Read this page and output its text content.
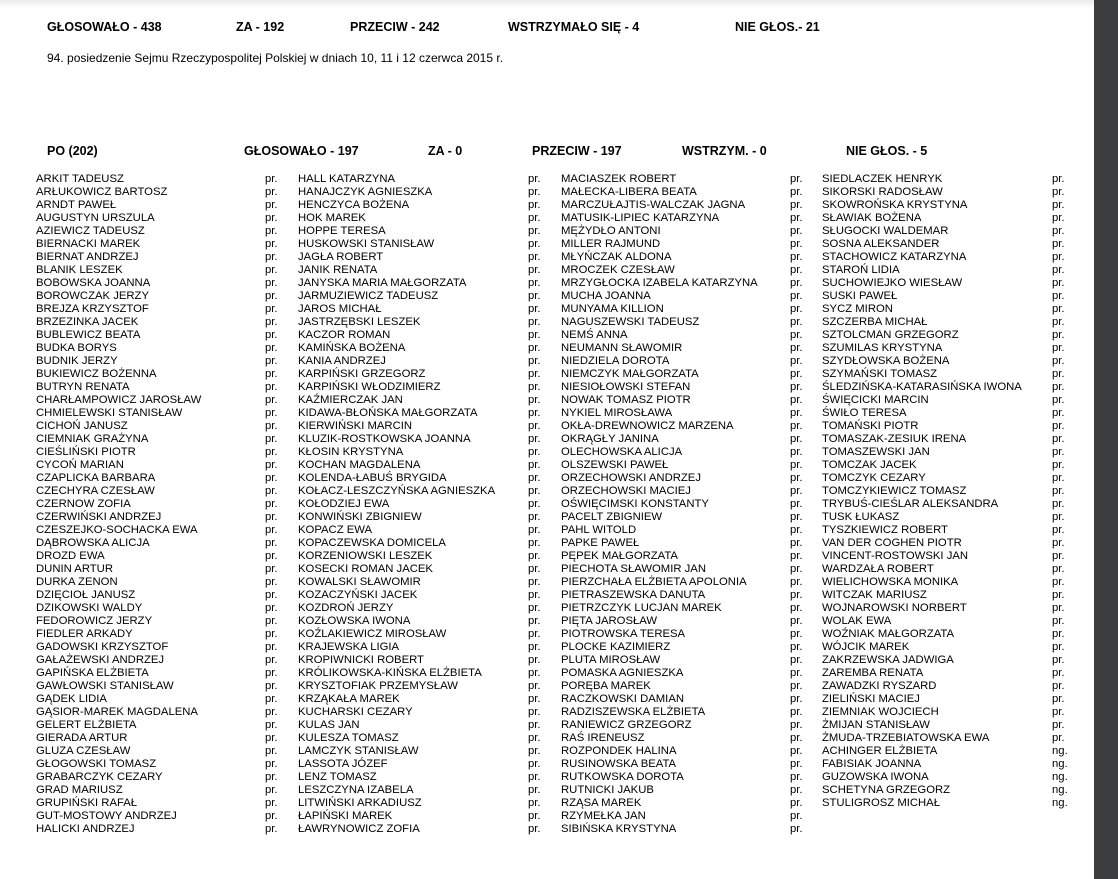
GŁOSOWAŁO - 438	ZA - 192	PRZECIW - 242	WSTRZYMAŁO SIĘ - 4	NIE GŁOS.- 21
94. posiedzenie Sejmu Rzeczypospolitej Polskiej w dniach 10, 11 i 12 czerwca 2015 r.
PO (202)	GŁOSOWAŁO - 197	ZA - 0	PRZECIW - 197	WSTRZYM. - 0	NIE GŁOS. - 5
ARKIT TADEUSZ	pr.
ARŁUKOWICZ BARTOSZ	pr.
ARNDT PAWEŁ	pr.
AUGUSTYN URSZULA	pr.
AZIEWICZ TADEUSZ	pr.
BIERNACKI MAREK	pr.
BIERNAT ANDRZEJ	pr.
BLANIK LESZEK	pr.
BOBOWSKA JOANNA	pr.
BOROWCZAK JERZY	pr.
BREJZA KRZYSZTOF	pr.
BRZEZINKA JACEK	pr.
BUBLEWICZ BEATA	pr.
BUDKA BORYS	pr.
BUDNIK JERZY	pr.
BUKIEWICZ BOŻENNA	pr.
BUTRYN RENATA	pr.
CHARŁAMPOWICZ JAROSŁAW	pr.
CHMIELEWSKI STANISŁAW	pr.
CICHOŃ JANUSZ	pr.
CIEMNIAK GRAŻYNA	pr.
CIEŚLIŃSKI PIOTR	pr.
CYCOŃ MARIAN	pr.
CZAPLICKA BARBARA	pr.
CZECHYRA CZESŁAW	pr.
CZERNOW ZOFIA	pr.
CZERWIŃSKI ANDRZEJ	pr.
CZESZEJKO-SOCHACKA EWA	pr.
DĄBROWSKA ALICJA	pr.
DROZD EWA	pr.
DUNIN ARTUR	pr.
DURKA ZENON	pr.
DZIĘCIOŁ JANUSZ	pr.
DZIKOWSKI WALDY	pr.
FEDOROWICZ JERZY	pr.
FIEDLER ARKADY	pr.
GADOWSKI KRZYSZTOF	pr.
GAŁAŻEWSKI ANDRZEJ	pr.
GAPIŃSKA ELŻBIETA	pr.
GAWŁOWSKI STANISŁAW	pr.
GĄDEK LIDIA	pr.
GĄSIOR-MAREK MAGDALENA	pr.
GELERT ELŻBIETA	pr.
GIERADA ARTUR	pr.
GLUZA CZESŁAW	pr.
GŁOGOWSKI TOMASZ	pr.
GRABARCZYK CEZARY	pr.
GRAD MARIUSZ	pr.
GRUPIŃSKI RAFAŁ	pr.
GUT-MOSTOWY ANDRZEJ	pr.
HALICKI ANDRZEJ	pr.
HALL KATARZYNA	pr.
HANAJCZYK AGNIESZKA	pr.
HENCZYCA BOŻENA	pr.
HOK MAREK	pr.
HOPPE TERESA	pr.
HUSKOWSKI STANISŁAW	pr.
JAGŁA ROBERT	pr.
JANIK RENATA	pr.
JANYSKA MARIA MAŁGORZATA	pr.
JARMUZIEWICZ TADEUSZ	pr.
JAROS MICHAŁ	pr.
JASTRZĘBSKI LESZEK	pr.
KACZOR ROMAN	pr.
KAMIŃSKA BOŻENA	pr.
KANIA ANDRZEJ	pr.
KARPIŃSKI GRZEGORZ	pr.
KARPIŃSKI WŁODZIMIERZ	pr.
KAŹMIERCZAK JAN	pr.
KIDAWA-BŁOŃSKA MAŁGORZATA	pr.
KIERWIŃSKI MARCIN	pr.
KLUZIK-ROSTKOWSKA JOANNA	pr.
KŁOSIN KRYSTYNA	pr.
KOCHAN MAGDALENA	pr.
KOLENDA-ŁABUŚ BRYGIDA	pr.
KOŁACZ-LESZCZYŃSKA AGNIESZKA	pr.
KOŁODZIEJ EWA	pr.
KONWIŃSKI ZBIGNIEW	pr.
KOPACZ EWA	pr.
KOPACZEWSKA DOMICELA	pr.
KORZENIOWSKI LESZEK	pr.
KOSECKI ROMAN JACEK	pr.
KOWALSKI SŁAWOMIR	pr.
KOZACZYŃSKI JACEK	pr.
KOZDROŃ JERZY	pr.
KOZŁOWSKA IWONA	pr.
KOŹLAKIEWICZ MIROSŁAW	pr.
KRAJEWSKA LIGIA	pr.
KROPIWNICKI ROBERT	pr.
KRÓLIKOWSKA-KIŃSKA ELŻBIETA	pr.
KRYSZTOFIAK PRZEMYSŁAW	pr.
KRZĄKAŁA MAREK	pr.
KUCHARSKI CEZARY	pr.
KULAS JAN	pr.
KULESZA TOMASZ	pr.
LAMCZYK STANISŁAW	pr.
LASSOTA JÓZEF	pr.
LENZ TOMASZ	pr.
LESZCZYNA IZABELA	pr.
LITWIŃSKI ARKADIUSZ	pr.
ŁAPIŃSKI MAREK	pr.
ŁAWRYNOWICZ ZOFIA	pr.
MACIASZEK ROBERT	pr.
MAŁECKA-LIBERA BEATA	pr.
MARCZUŁAJTIS-WALCZAK JAGNA	pr.
MATUSIK-LIPIEC KATARZYNA	pr.
MĘŻYDŁO ANTONI	pr.
MILLER RAJMUND	pr.
MŁYŃCZAK ALDONA	pr.
MROCZEK CZESŁAW	pr.
MRZYGŁOCKA IZABELA KATARZYNA	pr.
MUCHA JOANNA	pr.
MUNYAMA KILLION	pr.
NAGUSZEWSKI TADEUSZ	pr.
NEMŚ ANNA	pr.
NEUMANN SŁAWOMIR	pr.
NIEDZIELA DOROTA	pr.
NIEMCZYK MAŁGORZATA	pr.
NIESIOŁOWSKI STEFAN	pr.
NOWAK TOMASZ PIOTR	pr.
NYKIEL MIROSŁAWA	pr.
OKŁA-DREWNOWICZ MARZENA	pr.
OKRĄGŁY JANINA	pr.
OLECHOWSKA ALICJA	pr.
OLSZEWSKI PAWEŁ	pr.
ORZECHOWSKI ANDRZEJ	pr.
ORZECHOWSKI MACIEJ	pr.
OŚWIĘCIMSKI KONSTANTY	pr.
PACELT ZBIGNIEW	pr.
PAHL WITOLD	pr.
PAPKE PAWEŁ	pr.
PĘPEK MAŁGORZATA	pr.
PIECHOTA SŁAWOMIR JAN	pr.
PIERZCHAŁA ELŻBIETA APOLONIA	pr.
PIETRASZEWSKA DANUTA	pr.
PIETRZCZYK LUCJAN MAREK	pr.
PIĘTA JAROSŁAW	pr.
PIOTROWSKA TERESA	pr.
PLOCKE KAZIMIERZ	pr.
PLUTA MIROSŁAW	pr.
POMASKA AGNIESZKA	pr.
PORĘBA MAREK	pr.
RACZKOWSKI DAMIAN	pr.
RADZISZEWSKA ELŻBIETA	pr.
RANIEWICZ GRZEGORZ	pr.
RAŚ IRENEUSZ	pr.
ROZPONDEK HALINA	pr.
RUSINOWSKA BEATA	pr.
RUTKOWSKA DOROTA	pr.
RUTNICKI JAKUB	pr.
RZĄSA MAREK	pr.
RZYMEŁKA JAN	pr.
SIBIŃSKA KRYSTYNA	pr.
SIEDLACZEK HENRYK	pr.
SIKORSKI RADOSŁAW	pr.
SKOWROŃSKA KRYSTYNA	pr.
SŁAWIAK BOŻENA	pr.
SŁUGOCKI WALDEMAR	pr.
SOSNA ALEKSANDER	pr.
STACHOWICZ KATARZYNA	pr.
STAROŃ LIDIA	pr.
SUCHOWIEJKO WIESŁAW	pr.
SUSKI PAWEŁ	pr.
SYCZ MIRON	pr.
SZCZERBA MICHAŁ	pr.
SZTOLCMAN GRZEGORZ	pr.
SZUMILAS KRYSTYNA	pr.
SZYDŁOWSKA BOŻENA	pr.
SZYMAŃSKI TOMASZ	pr.
ŚLEDZIŃSKA-KATARASIŃSKA IWONA	pr.
ŚWIĘCICKI MARCIN	pr.
ŚWIŁO TERESA	pr.
TOMAŃSKI PIOTR	pr.
TOMASZAK-ZESIUK IRENA	pr.
TOMASZEWSKI JAN	pr.
TOMCZAK JACEK	pr.
TOMCZYK CEZARY	pr.
TOMCZYKIEWICZ TOMASZ	pr.
TRYBUŚ-CIEŚLAR ALEKSANDRA	pr.
TUSK ŁUKASZ	pr.
TYSZKIEWICZ ROBERT	pr.
VAN DER COGHEN PIOTR	pr.
VINCENT-ROSTOWSKI JAN	pr.
WARDZAŁA ROBERT	pr.
WIELICHOWSKA MONIKA	pr.
WITCZAK MARIUSZ	pr.
WOJNAROWSKI NORBERT	pr.
WOLAK EWA	pr.
WOŹNIAK MAŁGORZATA	pr.
WÓJCIK MAREK	pr.
ZAKRZEWSKA JADWIGA	pr.
ZAREMBA RENATA	pr.
ZAWADZKI RYSZARD	pr.
ZIELIŃSKI MACIEJ	pr.
ZIEMNIAK WOJCIECH	pr.
ŻMIJAN STANISŁAW	pr.
ŻMUDA-TRZEBIATOWSKA EWA	pr.
ACHINGER ELŻBIETA	ng.
FABISIAK JOANNA	ng.
GUZOWSKA IWONA	ng.
SCHETYNA GRZEGORZ	ng.
STULIGROSZ MICHAŁ	ng.
